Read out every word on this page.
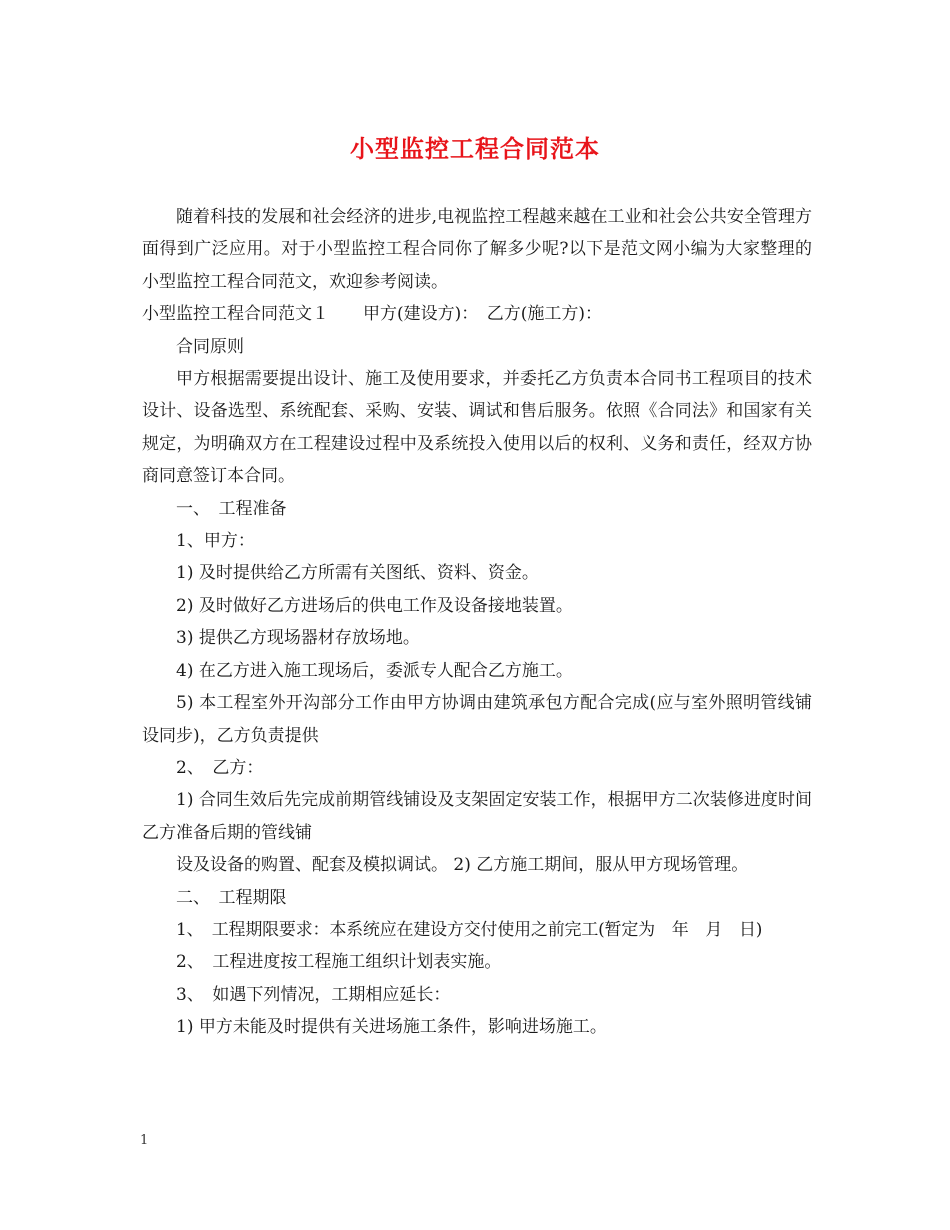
小型监控工程合同范本

随着科技的发展和社会经济的进步,电视监控工程越来越在工业和社会公共安全管理方面得到广泛应用。对于小型监控工程合同你了解多少呢?以下是范文网小编为大家整理的小型监控工程合同范文，欢迎参考阅读。

小型监控工程合同范文１　　甲方(建设方)：　乙方(施工方)：

合同原则

甲方根据需要提出设计、施工及使用要求，并委托乙方负责本合同书工程项目的技术设计、设备选型、系统配套、采购、安装、调试和售后服务。依照《合同法》和国家有关规定，为明确双方在工程建设过程中及系统投入使用以后的权利、义务和责任，经双方协商同意签订本合同。

一、　工程准备

1、甲方：

1) 及时提供给乙方所需有关图纸、资料、资金。

2) 及时做好乙方进场后的供电工作及设备接地装置。

3) 提供乙方现场器材存放场地。

4) 在乙方进入施工现场后，委派专人配合乙方施工。

5) 本工程室外开沟部分工作由甲方协调由建筑承包方配合完成(应与室外照明管线铺设同步)，乙方负责提供

2、　乙方：

1) 合同生效后先完成前期管线铺设及支架固定安装工作，根据甲方二次装修进度时间乙方准备后期的管线铺

设及设备的购置、配套及模拟调试。 2) 乙方施工期间，服从甲方现场管理。

二、　工程期限

1、　工程期限要求：本系统应在建设方交付使用之前完工(暂定为　年　月　日)

2、　工程进度按工程施工组织计划表实施。

3、　如遇下列情况，工期相应延长：

1) 甲方未能及时提供有关进场施工条件，影响进场施工。

1
